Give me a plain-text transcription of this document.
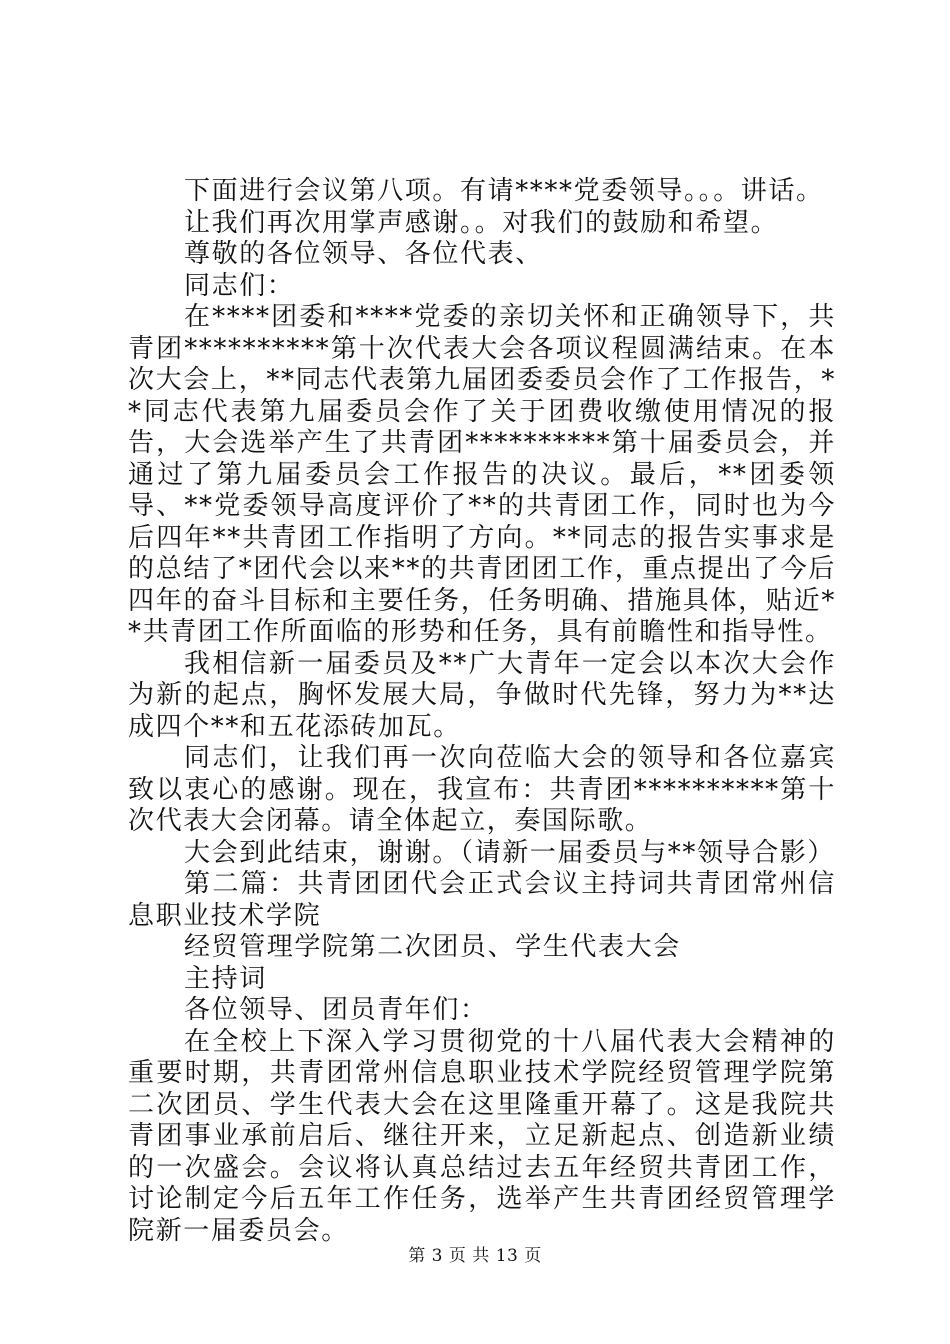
下面进行会议第八项。有请****党委领导。。。讲话。

让我们再次用掌声感谢。。对我们的鼓励和希望。

尊敬的各位领导、各位代表、

同志们：

在****团委和****党委的亲切关怀和正确领导下，共青团**********第十次代表大会各项议程圆满结束。在本次大会上，**同志代表第九届团委委员会作了工作报告，**同志代表第九届委员会作了关于团费收缴使用情况的报告，大会选举产生了共青团**********第十届委员会，并通过了第九届委员会工作报告的决议。最后，**团委领导、**党委领导高度评价了**的共青团工作，同时也为今后四年**共青团工作指明了方向。**同志的报告实事求是的总结了*团代会以来**的共青团团工作，重点提出了今后四年的奋斗目标和主要任务，任务明确、措施具体，贴近**共青团工作所面临的形势和任务，具有前瞻性和指导性。

我相信新一届委员及**广大青年一定会以本次大会作为新的起点，胸怀发展大局，争做时代先锋，努力为**达成四个**和五花添砖加瓦。

同志们，让我们再一次向莅临大会的领导和各位嘉宾致以衷心的感谢。现在，我宣布：共青团**********第十次代表大会闭幕。请全体起立，奏国际歌。

大会到此结束，谢谢。（请新一届委员与**领导合影）

第二篇：共青团团代会正式会议主持词共青团常州信息职业技术学院

经贸管理学院第二次团员、学生代表大会

主持词

各位领导、团员青年们：

在全校上下深入学习贯彻党的十八届代表大会精神的重要时期，共青团常州信息职业技术学院经贸管理学院第二次团员、学生代表大会在这里隆重开幕了。这是我院共青团事业承前启后、继往开来，立足新起点、创造新业绩的一次盛会。会议将认真总结过去五年经贸共青团工作，讨论制定今后五年工作任务，选举产生共青团经贸管理学院新一届委员会。

第 3 页 共 13 页
